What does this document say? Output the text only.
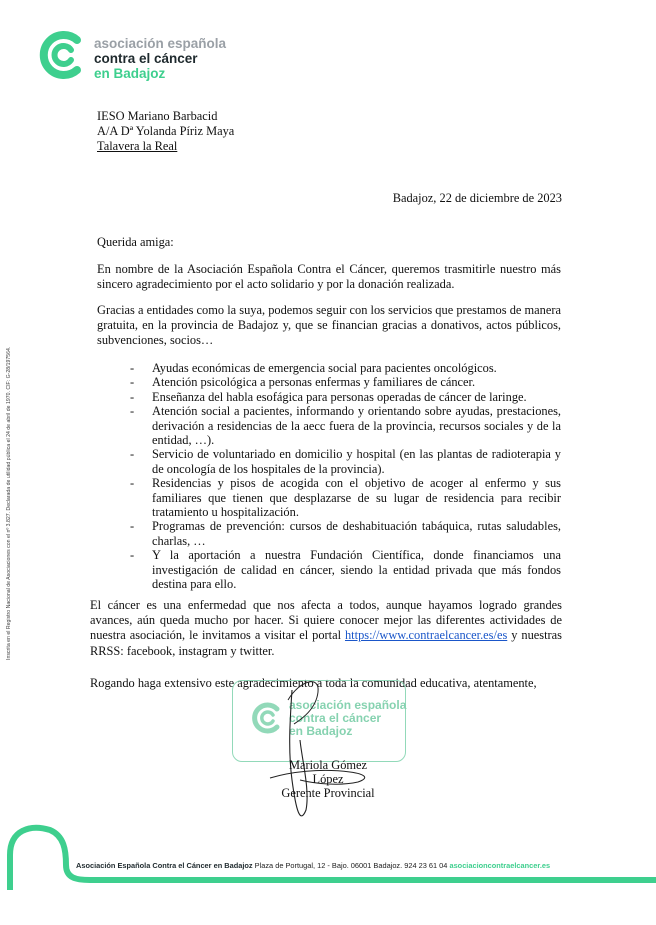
asociación española
contra el cáncer
en Badajoz
Inscrita en el Registro Nacional de Asociaciones con el nº 3.827. Declarada de utilidad pública el 24 de abril de 1970. CIF: G-28/197564.
IESO Mariano Barbacid
A/A Dª Yolanda Píriz Maya
Talavera la Real
Badajoz, 22 de diciembre de 2023
Querida amiga:
En nombre de la Asociación Española Contra el Cáncer, queremos trasmitirle nuestro más sincero agradecimiento por el acto solidario y por la donación realizada.
Gracias a entidades como la suya, podemos seguir con los servicios que prestamos de manera gratuita, en la provincia de Badajoz y, que se financian gracias a donativos, actos públicos, subvenciones, socios…
- Ayudas económicas de emergencia social para pacientes oncológicos.
- Atención psicológica a personas enfermas y familiares de cáncer.
- Enseñanza del habla esofágica para personas operadas de cáncer de laringe.
- Atención social a pacientes, informando y orientando sobre ayudas, prestaciones, derivación a residencias de la aecc fuera de la provincia, recursos sociales y de la entidad, …).
- Servicio de voluntariado en domicilio y hospital (en las plantas de radioterapia y de oncología de los hospitales de la provincia).
- Residencias y pisos de acogida con el objetivo de acoger al enfermo y sus familiares que tienen que desplazarse de su lugar de residencia para recibir tratamiento u hospitalización.
- Programas de prevención: cursos de deshabituación tabáquica, rutas saludables, charlas, …
- Y la aportación a nuestra Fundación Científica, donde financiamos una investigación de calidad en cáncer, siendo la entidad privada que más fondos destina para ello.
El cáncer es una enfermedad que nos afecta a todos, aunque hayamos logrado grandes avances, aún queda mucho por hacer. Si quiere conocer mejor las diferentes actividades de nuestra asociación, le invitamos a visitar el portal https://www.contraelcancer.es/es y nuestras RRSS: facebook, instagram y twitter.
Rogando haga extensivo este agradecimiento a toda la comunidad educativa, atentamente,
asociación española
contra el cáncer
en Badajoz
Mariola Gómez López
Gerente Provincial
Asociación Española Contra el Cáncer en Badajoz Plaza de Portugal, 12 - Bajo. 06001 Badajoz. 924 23 61 04 asociacioncontraelcancer.es
